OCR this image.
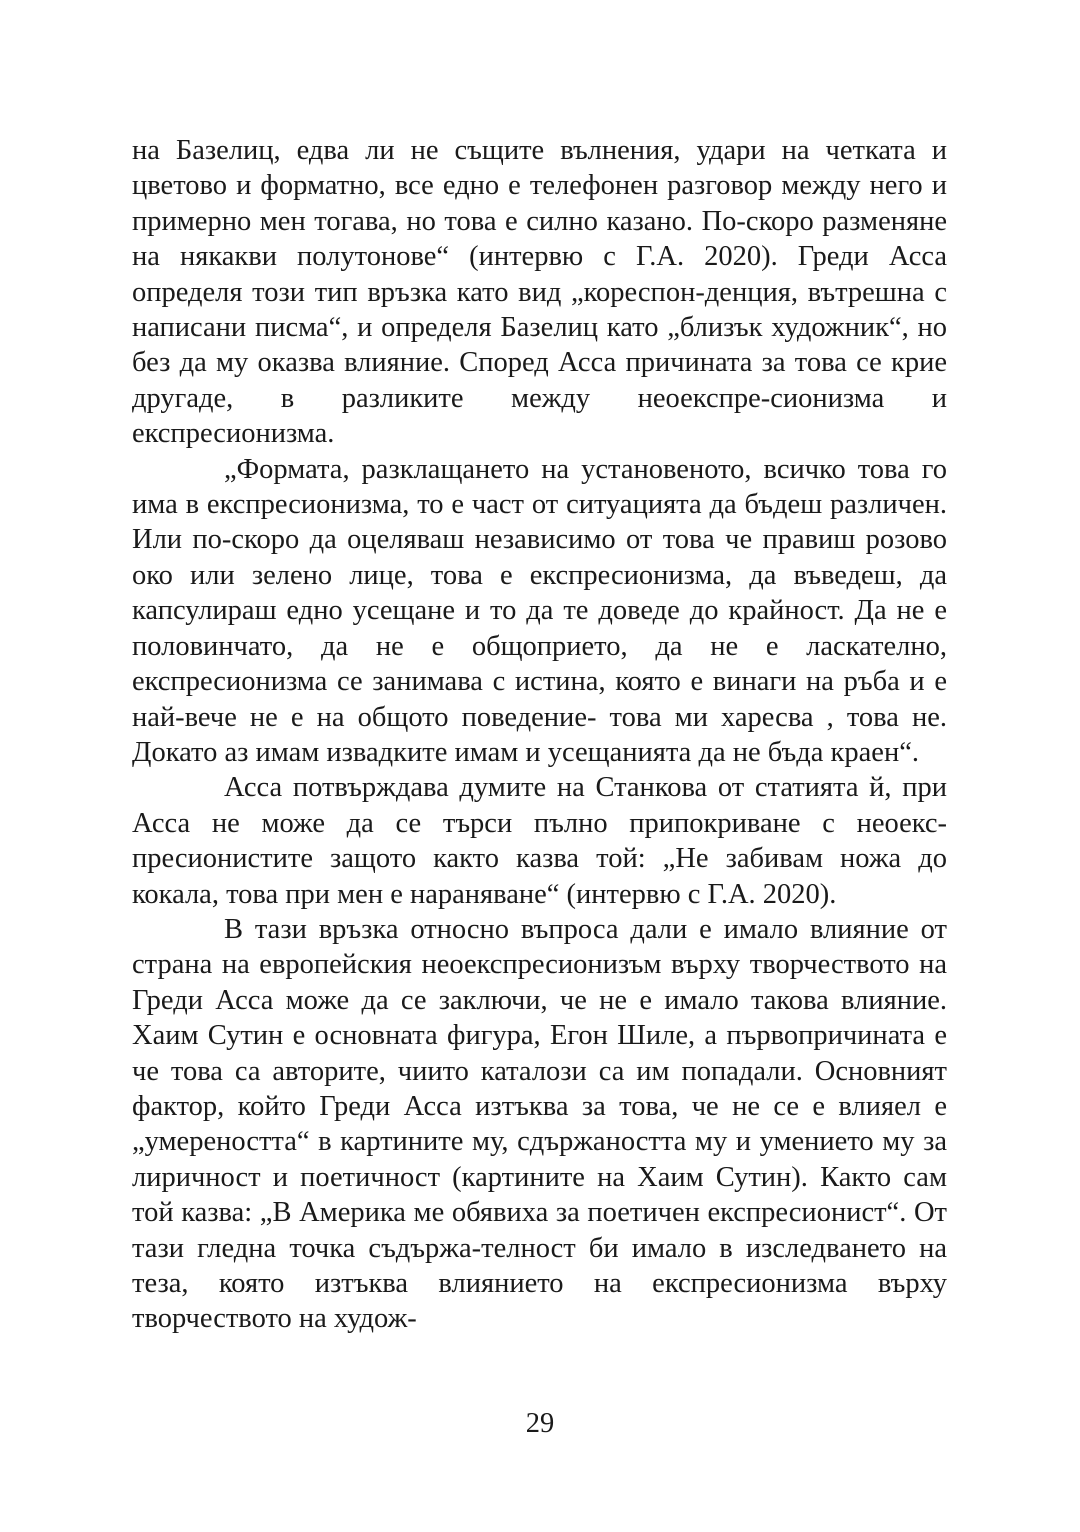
на Базелиц, едва ли не същите вълнения, удари на четката и цветово и форматно, все едно е телефонен разговор между него и примерно мен тогава, но това е силно казано. По-скоро разменяне на някакви полутонове“ (интервю с Г.А. 2020). Греди Асса определя този тип връзка като вид „кореспон-денция, вътрешна с написани писма“, и определя Базелиц като „близък художник“, но без да му оказва влияние. Според Асса причината за това се крие другаде, в разликите между неоекспре-сионизма и експресионизма.

„Формата, разклащането на установеното, всичко това го има в експресионизма, то е част от ситуацията да бъдеш различен. Или по-скоро да оцеляваш независимо от това че правиш розово око или зелено лице, това е експресионизма, да въведеш, да капсулираш едно усещане и то да те доведе до крайност. Да не е половинчато, да не е общоприето, да не е ласкателно, експресионизма се занимава с истина, която е винаги на ръба и е най-вече не е на общото поведение- това ми харесва , това не. Докато аз имам извадките имам и усещанията да не бъда краен“.

Асса потвърждава думите на Станкова от статията й, при Асса не може да се търси пълно припокриване с неоекс-пресионистите защото както казва той: „Не забивам ножа до кокала, това при мен е нараняване“ (интервю с Г.А. 2020).

В тази връзка относно въпроса дали е имало влияние от страна на европейския неоекспресионизъм върху творчеството на Греди Асса може да се заключи, че не е имало такова влияние. Хаим Сутин е основната фигура, Егон Шиле, а първопричината е че това са авторите, чиито каталози са им попадали. Основният фактор, който Греди Асса изтъква за това, че не се е влияел е „умереността“ в картините му, сдържаността му и умението му за лиричност и поетичност (картините на Хаим Сутин). Както сам той казва: „В Америка ме обявиха за поетичен експресионист“. От тази гледна точка съдържа-телност би имало в изследването на теза, която изтъква влиянието на експресионизма върху творчеството на худож-

29
